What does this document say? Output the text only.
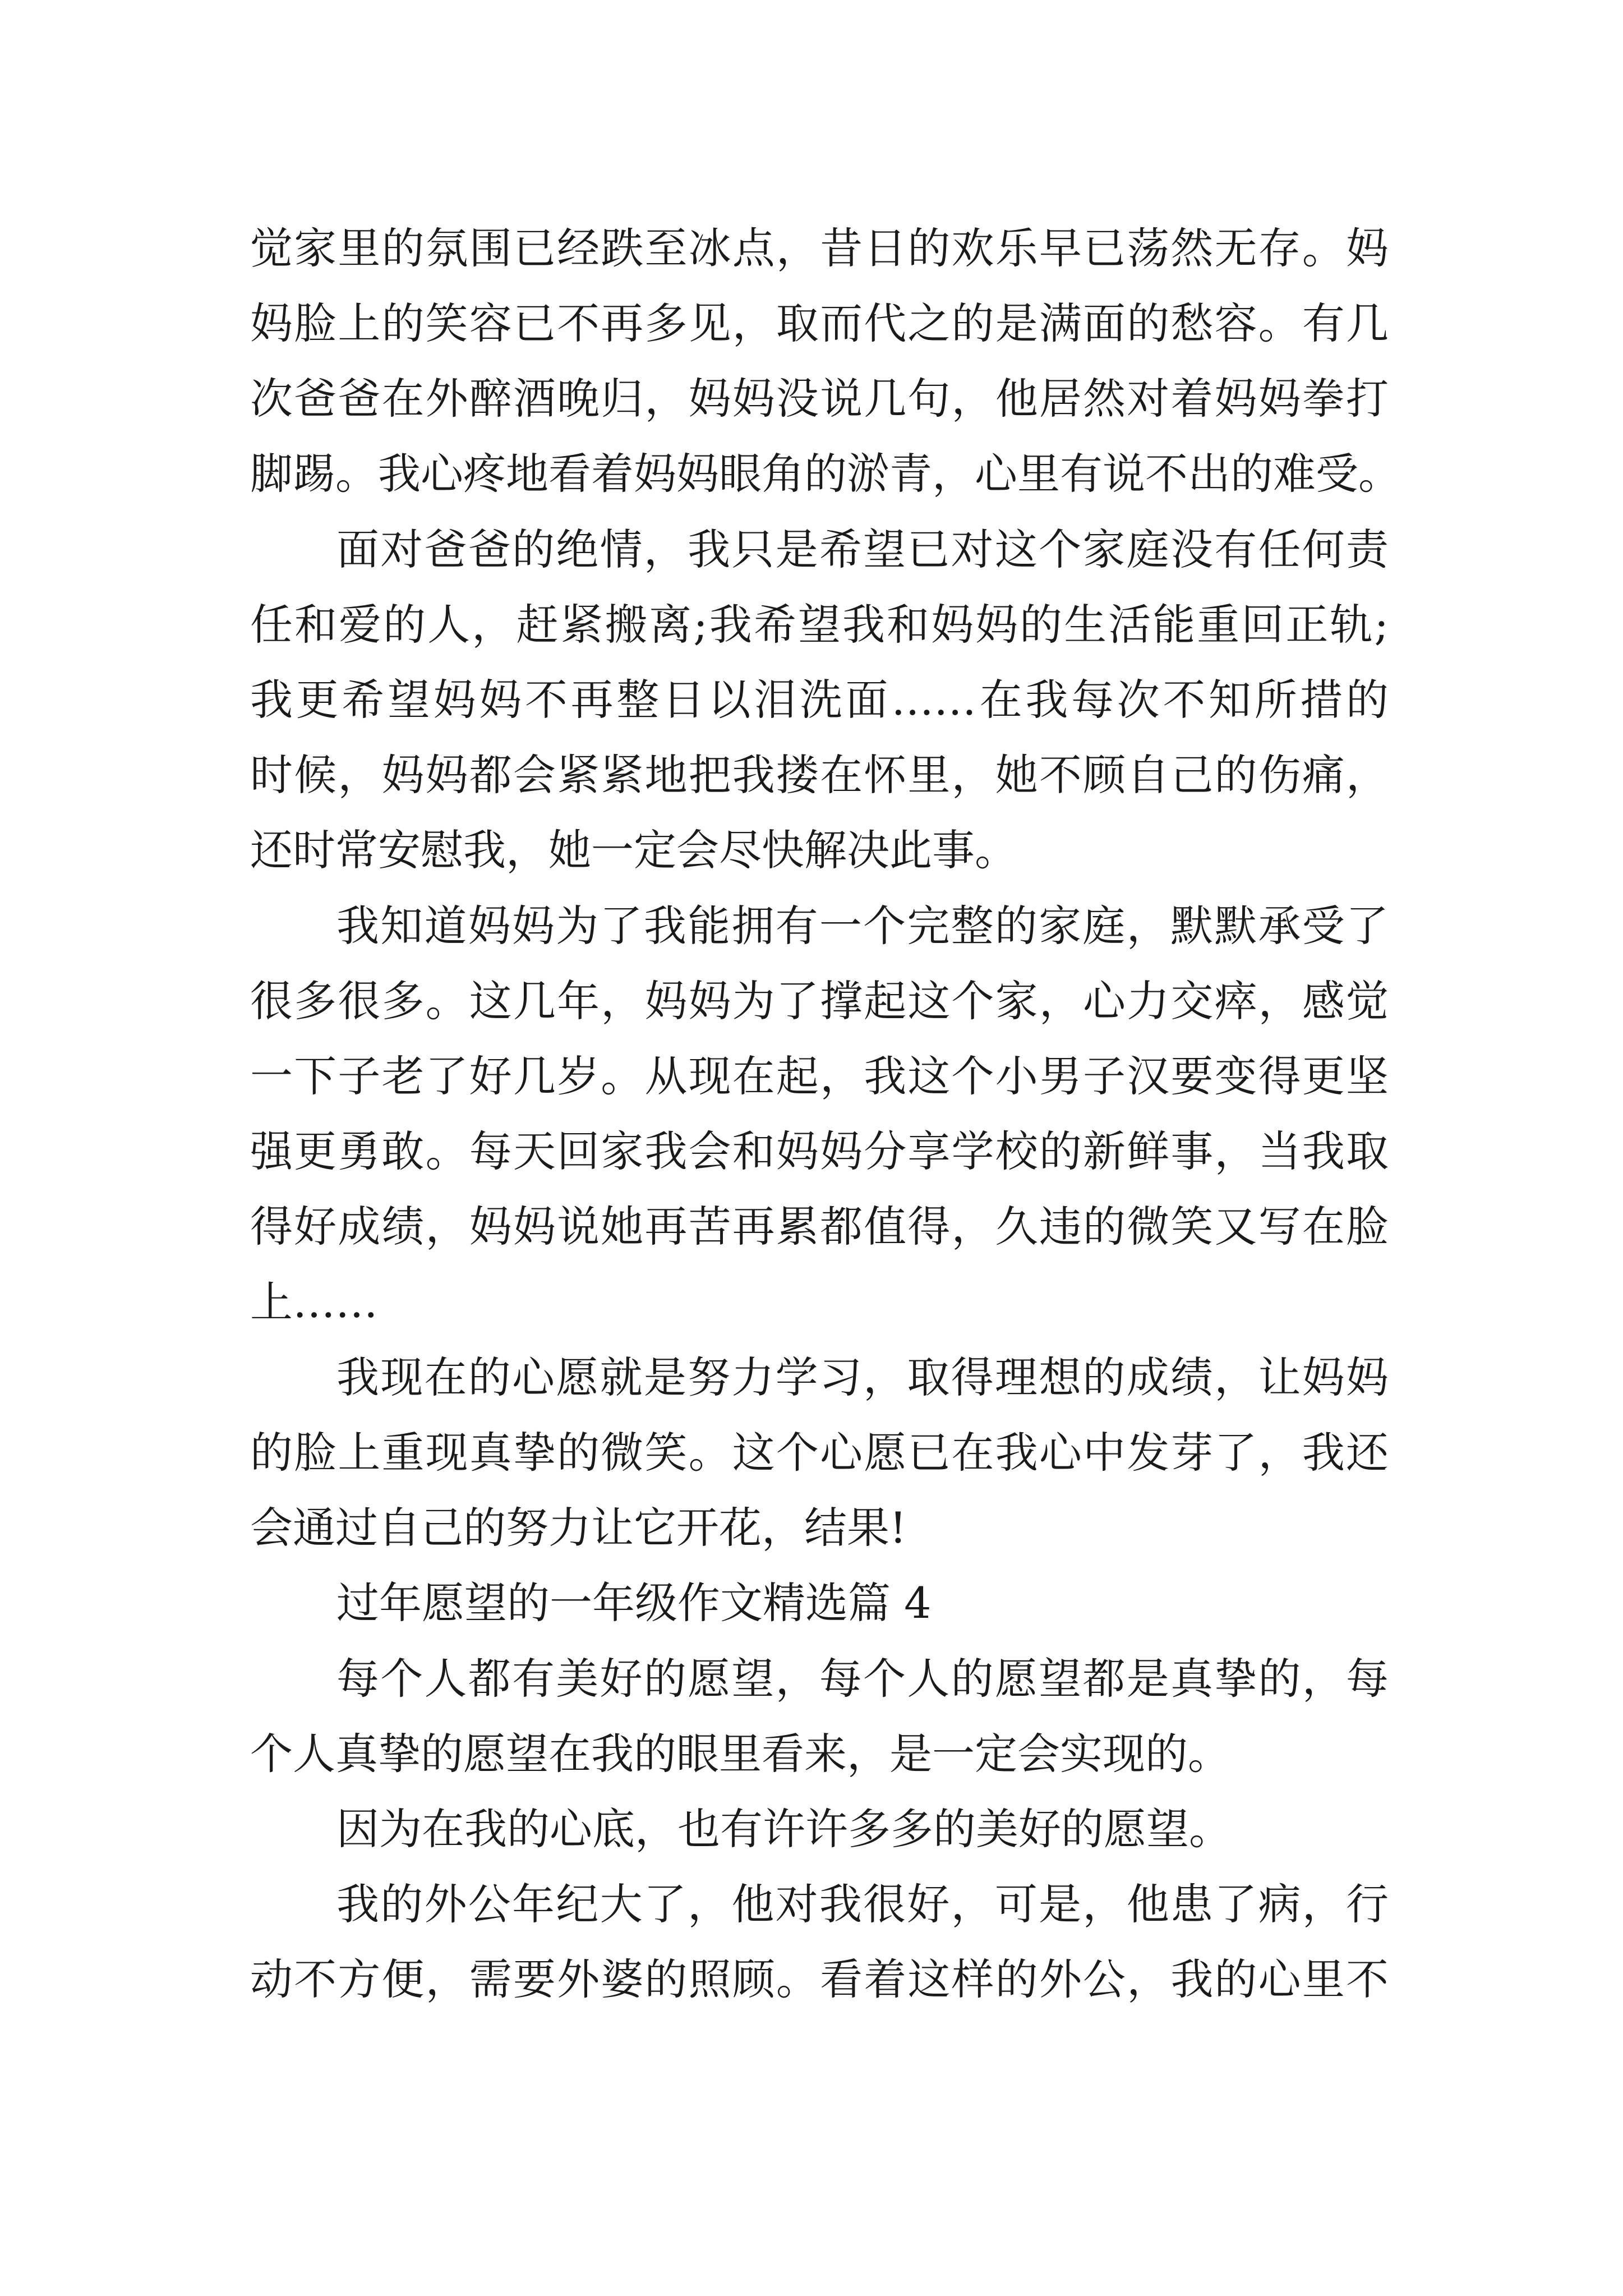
觉家里的氛围已经跌至冰点，昔日的欢乐早已荡然无存。妈
妈脸上的笑容已不再多见，取而代之的是满面的愁容。有几
次爸爸在外醉酒晚归，妈妈没说几句，他居然对着妈妈拳打
脚踢。我心疼地看着妈妈眼角的淤青，心里有说不出的难受。
面对爸爸的绝情，我只是希望已对这个家庭没有任何责
任和爱的人，赶紧搬离;我希望我和妈妈的生活能重回正轨;
我更希望妈妈不再整日以泪洗面……在我每次不知所措的
时候，妈妈都会紧紧地把我搂在怀里，她不顾自己的伤痛，
还时常安慰我，她一定会尽快解决此事。
我知道妈妈为了我能拥有一个完整的家庭，默默承受了
很多很多。这几年，妈妈为了撑起这个家，心力交瘁，感觉
一下子老了好几岁。从现在起，我这个小男子汉要变得更坚
强更勇敢。每天回家我会和妈妈分享学校的新鲜事，当我取
得好成绩，妈妈说她再苦再累都值得，久违的微笑又写在脸
上……
我现在的心愿就是努力学习，取得理想的成绩，让妈妈
的脸上重现真挚的微笑。这个心愿已在我心中发芽了，我还
会通过自己的努力让它开花，结果!
过年愿望的一年级作文精选篇 4
每个人都有美好的愿望，每个人的愿望都是真挚的，每
个人真挚的愿望在我的眼里看来，是一定会实现的。
因为在我的心底，也有许许多多的美好的愿望。
我的外公年纪大了，他对我很好，可是，他患了病，行
动不方便，需要外婆的照顾。看着这样的外公，我的心里不
